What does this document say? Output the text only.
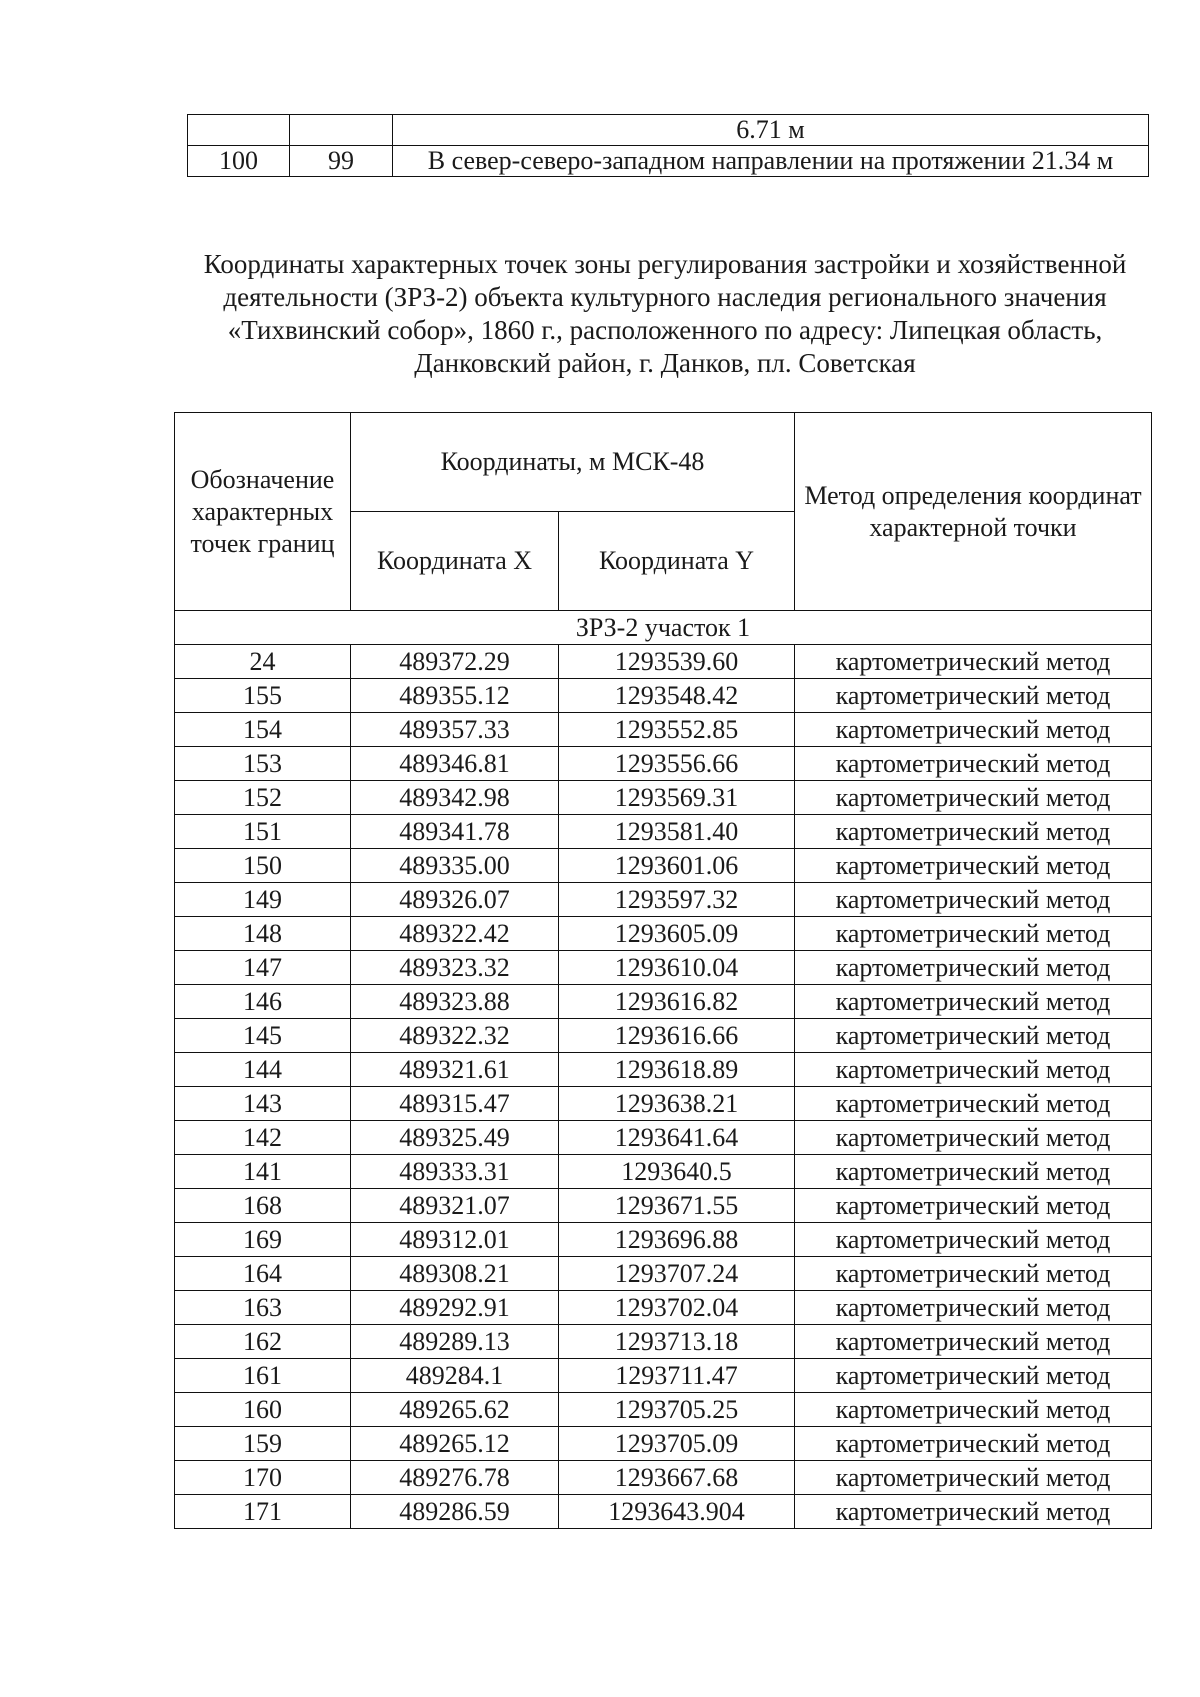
		6.71 м
100	99	В север-северо-западном направлении на протяжении 21.34 м
Координаты характерных точек зоны регулирования застройки и хозяйственной
деятельности (ЗРЗ-2) объекта культурного наследия регионального значения
«Тихвинский собор», 1860 г., расположенного по адресу: Липецкая область,
Данковский район, г. Данков, пл. Советская
Обозначение характерных точек границ	Координаты, м МСК-48		Метод определения координат характерной точки
	Координата X	Координата Y	
ЗРЗ-2 участок 1			
24	489372.29	1293539.60	картометрический метод
155	489355.12	1293548.42	картометрический метод
154	489357.33	1293552.85	картометрический метод
153	489346.81	1293556.66	картометрический метод
152	489342.98	1293569.31	картометрический метод
151	489341.78	1293581.40	картометрический метод
150	489335.00	1293601.06	картометрический метод
149	489326.07	1293597.32	картометрический метод
148	489322.42	1293605.09	картометрический метод
147	489323.32	1293610.04	картометрический метод
146	489323.88	1293616.82	картометрический метод
145	489322.32	1293616.66	картометрический метод
144	489321.61	1293618.89	картометрический метод
143	489315.47	1293638.21	картометрический метод
142	489325.49	1293641.64	картометрический метод
141	489333.31	1293640.5	картометрический метод
168	489321.07	1293671.55	картометрический метод
169	489312.01	1293696.88	картометрический метод
164	489308.21	1293707.24	картометрический метод
163	489292.91	1293702.04	картометрический метод
162	489289.13	1293713.18	картометрический метод
161	489284.1	1293711.47	картометрический метод
160	489265.62	1293705.25	картометрический метод
159	489265.12	1293705.09	картометрический метод
170	489276.78	1293667.68	картометрический метод
171	489286.59	1293643.904	картометрический метод
